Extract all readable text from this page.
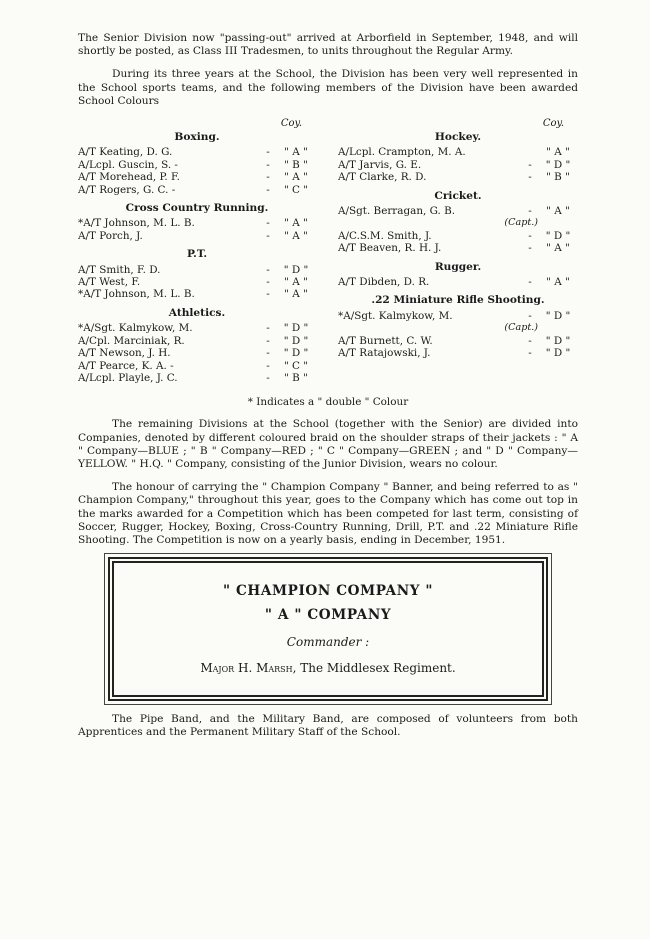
The Senior Division now "passing-out" arrived at Arborfield in September, 1948, and will shortly be posted, as Class III Tradesmen, to units throughout the Regular Army.

During its three years at the School, the Division has been very well represented in the School sports teams, and the following members of the Division have been awarded School Colours

Coy.
Boxing.
A/T Keating, D. G.	-	" A "
A/Lcpl. Guscin, S. -	-	" B "
A/T Morehead, P. F.	-	" A "
A/T Rogers, G. C. -	-	" C "
Cross Country Running.
*A/T Johnson, M. L. B.	-	" A "
A/T Porch, J.	-	" A "
P.T.
A/T Smith, F. D.	-	" D "
A/T West, F.	-	" A "
*A/T Johnson, M. L. B.	-	" A "
Athletics.
*A/Sgt. Kalmykow, M.	-	" D "
A/Cpl. Marciniak, R.	-	" D "
A/T Newson, J. H.	-	" D "
A/T Pearce, K. A. -	-	" C "
A/Lcpl. Playle, J. C.	-	" B "
Coy.
Hockey.
A/Lcpl. Crampton, M. A.	" A "
A/T Jarvis, G. E.	-	" D "
A/T Clarke, R. D.	-	" B "
Cricket.
A/Sgt. Berragan, G. B.	-	" A "
(Capt.)
A/C.S.M. Smith, J.	-	" D "
A/T Beaven, R. H. J.	-	" A "
Rugger.
A/T Dibden, D. R.	-	" A "
.22 Miniature Rifle Shooting.
*A/Sgt. Kalmykow, M.	-	" D "
(Capt.)
A/T Burnett, C. W.	-	" D "
A/T Ratajowski, J.	-	" D "
* Indicates a " double " Colour

The remaining Divisions at the School (together with the Senior) are divided into Companies, denoted by different coloured braid on the shoulder straps of their jackets : " A " Company—BLUE ; " B " Company—RED ; " C " Company—GREEN ; and " D " Company—YELLOW. " H.Q. " Company, consisting of the Junior Division, wears no colour.

The honour of carrying the " Champion Company " Banner, and being referred to as " Champion Company," throughout this year, goes to the Company which has come out top in the marks awarded for a Competition which has been competed for last term, consisting of Soccer, Rugger, Hockey, Boxing, Cross-Country Running, Drill, P.T. and .22 Miniature Rifle Shooting. The Competition is now on a yearly basis, ending in December, 1951.

" CHAMPION COMPANY "
" A " COMPANY
Commander :
Major H. Marsh, The Middlesex Regiment.

The Pipe Band, and the Military Band, are composed of volunteers from both Apprentices and the Permanent Military Staff of the School.
